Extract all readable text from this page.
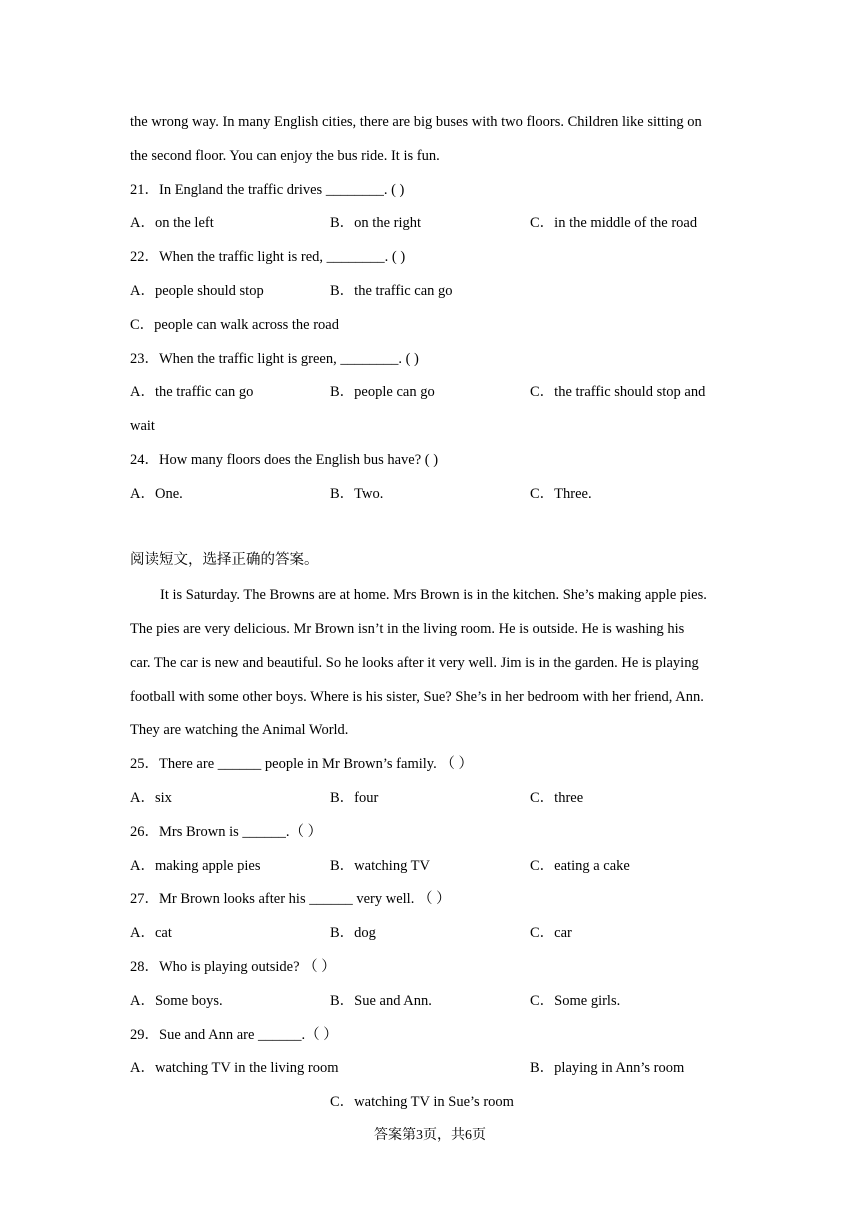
the wrong way. In many English cities, there are big buses with two floors. Children like sitting on
the second floor. You can enjoy the bus ride. It is fun.
21．In England the traffic drives ________. ( )
A．on the left	B．on the right	C．in the middle of the road
22．When the traffic light is red, ________. ( )
A．people should stop	B．the traffic can go
C．people can walk across the road
23．When the traffic light is green, ________. ( )
A．the traffic can go	B．people can go	C．the traffic should stop and
wait
24．How many floors does the English bus have? ( )
A．One.	B．Two.	C．Three.
阅读短文，选择正确的答案。
It is Saturday. The Browns are at home. Mrs Brown is in the kitchen. She’s making apple pies.
The pies are very delicious. Mr Brown isn’t in the living room. He is outside. He is washing his
car. The car is new and beautiful. So he looks after it very well. Jim is in the garden. He is playing
football with some other boys. Where is his sister, Sue? She’s in her bedroom with her friend, Ann.
They are watching the Animal World.
25．There are ______ people in Mr Brown’s family. （ ）
A．six	B．four	C．three
26．Mrs Brown is ______.（ ）
A．making apple pies	B．watching TV	C．eating a cake
27．Mr Brown looks after his ______ very well. （ ）
A．cat	B．dog	C．car
28．Who is playing outside? （ ）
A．Some boys.	B．Sue and Ann.	C．Some girls.
29．Sue and Ann are ______.（ ）
A．watching TV in the living room	B．playing in Ann’s room
C．watching TV in Sue’s room
答案第3页，共6页
